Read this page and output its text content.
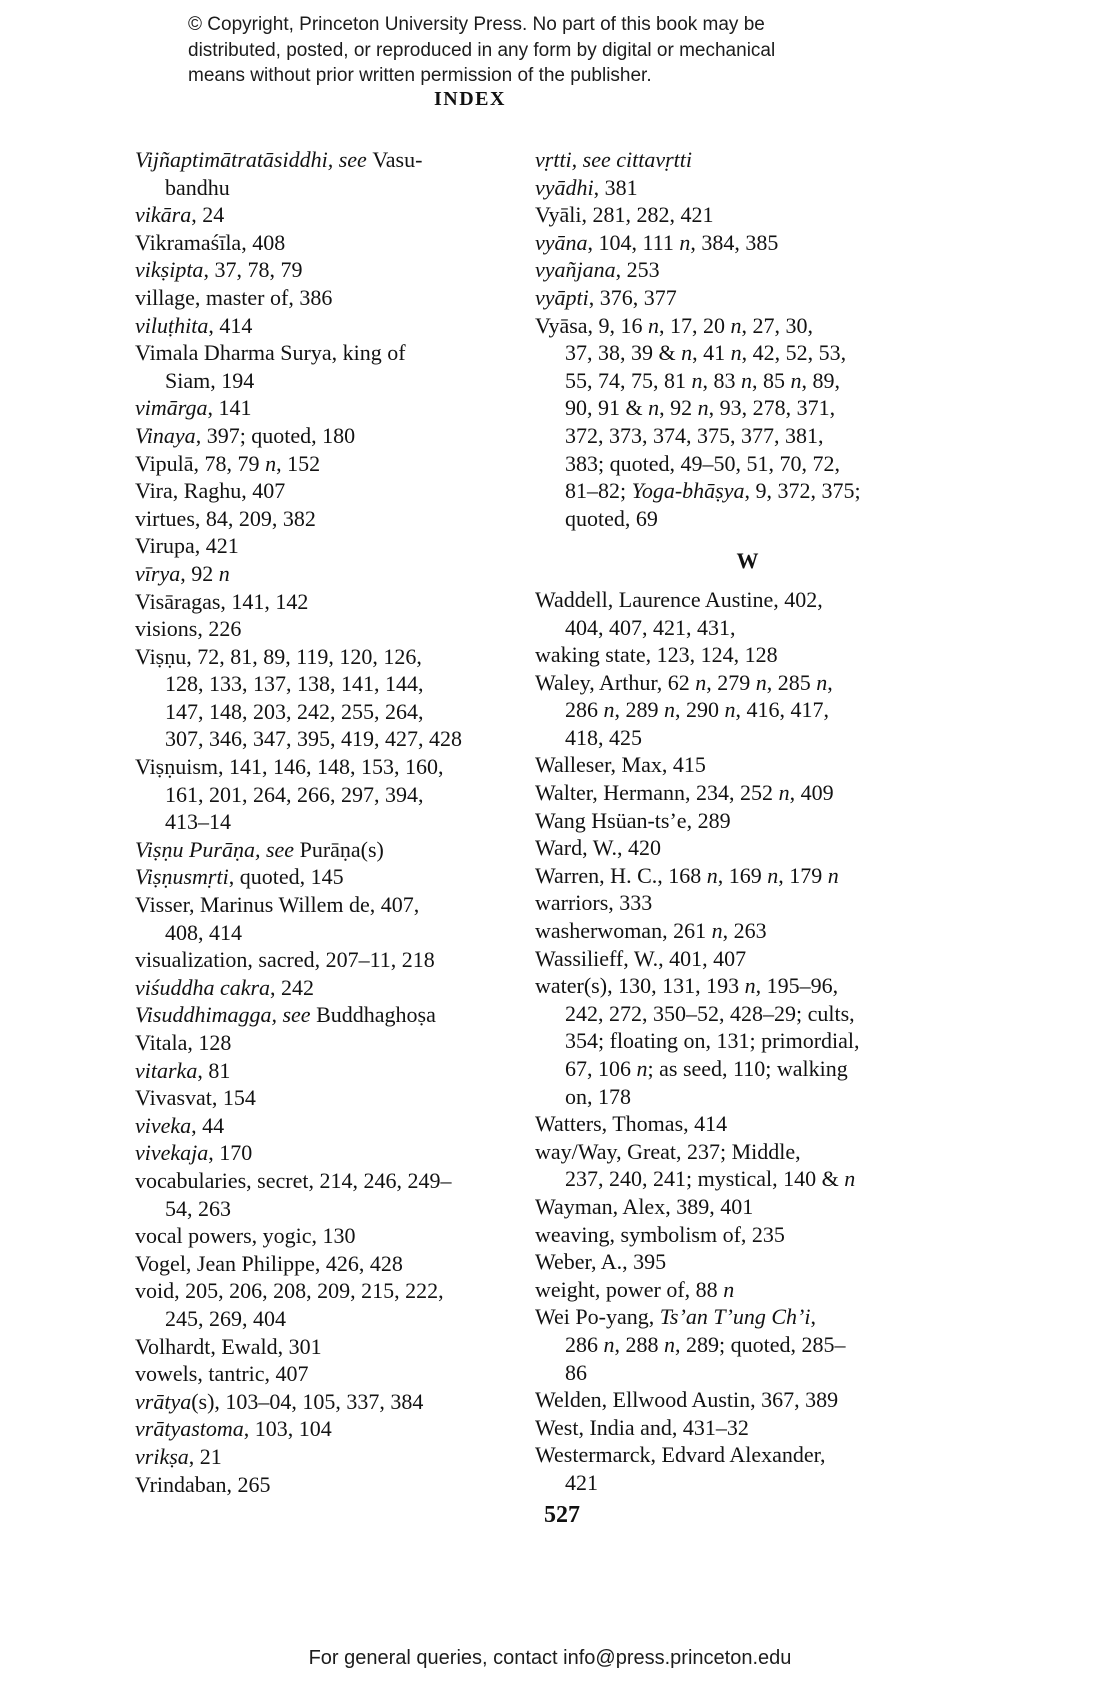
© Copyright, Princeton University Press. No part of this book may be
distributed, posted, or reproduced in any form by digital or mechanical
means without prior written permission of the publisher.
INDEX
Vijñaptimātratāsiddhi, see Vasu-
bandhu
vikāra, 24
Vikramaśīla, 408
vikṣipta, 37, 78, 79
village, master of, 386
viluṭhita, 414
Vimala Dharma Surya, king of
Siam, 194
vimārga, 141
Vinaya, 397; quoted, 180
Vipulā, 78, 79 n, 152
Vira, Raghu, 407
virtues, 84, 209, 382
Virupa, 421
vīrya, 92 n
Visāragas, 141, 142
visions, 226
Viṣṇu, 72, 81, 89, 119, 120, 126,
128, 133, 137, 138, 141, 144,
147, 148, 203, 242, 255, 264,
307, 346, 347, 395, 419, 427, 428
Viṣṇuism, 141, 146, 148, 153, 160,
161, 201, 264, 266, 297, 394,
413–14
Viṣṇu Purāṇa, see Purāṇa(s)
Viṣṇusmṛti, quoted, 145
Visser, Marinus Willem de, 407,
408, 414
visualization, sacred, 207–11, 218
viśuddha cakra, 242
Visuddhimagga, see Buddhaghoṣa
Vitala, 128
vitarka, 81
Vivasvat, 154
viveka, 44
vivekaja, 170
vocabularies, secret, 214, 246, 249–
54, 263
vocal powers, yogic, 130
Vogel, Jean Philippe, 426, 428
void, 205, 206, 208, 209, 215, 222,
245, 269, 404
Volhardt, Ewald, 301
vowels, tantric, 407
vrātya(s), 103–04, 105, 337, 384
vrātyastoma, 103, 104
vrikṣa, 21
Vrindaban, 265
vṛtti, see cittavṛtti
vyādhi, 381
Vyāli, 281, 282, 421
vyāna, 104, 111 n, 384, 385
vyañjana, 253
vyāpti, 376, 377
Vyāsa, 9, 16 n, 17, 20 n, 27, 30,
37, 38, 39 & n, 41 n, 42, 52, 53,
55, 74, 75, 81 n, 83 n, 85 n, 89,
90, 91 & n, 92 n, 93, 278, 371,
372, 373, 374, 375, 377, 381,
383; quoted, 49–50, 51, 70, 72,
81–82; Yoga-bhāṣya, 9, 372, 375;
quoted, 69
W
Waddell, Laurence Austine, 402,
404, 407, 421, 431,
waking state, 123, 124, 128
Waley, Arthur, 62 n, 279 n, 285 n,
286 n, 289 n, 290 n, 416, 417,
418, 425
Walleser, Max, 415
Walter, Hermann, 234, 252 n, 409
Wang Hsüan-ts’e, 289
Ward, W., 420
Warren, H. C., 168 n, 169 n, 179 n
warriors, 333
washerwoman, 261 n, 263
Wassilieff, W., 401, 407
water(s), 130, 131, 193 n, 195–96,
242, 272, 350–52, 428–29; cults,
354; floating on, 131; primordial,
67, 106 n; as seed, 110; walking
on, 178
Watters, Thomas, 414
way/Way, Great, 237; Middle,
237, 240, 241; mystical, 140 & n
Wayman, Alex, 389, 401
weaving, symbolism of, 235
Weber, A., 395
weight, power of, 88 n
Wei Po-yang, Ts’an T’ung Ch’i,
286 n, 288 n, 289; quoted, 285–
86
Welden, Ellwood Austin, 367, 389
West, India and, 431–32
Westermarck, Edvard Alexander,
421
527
For general queries, contact info@press.princeton.edu
